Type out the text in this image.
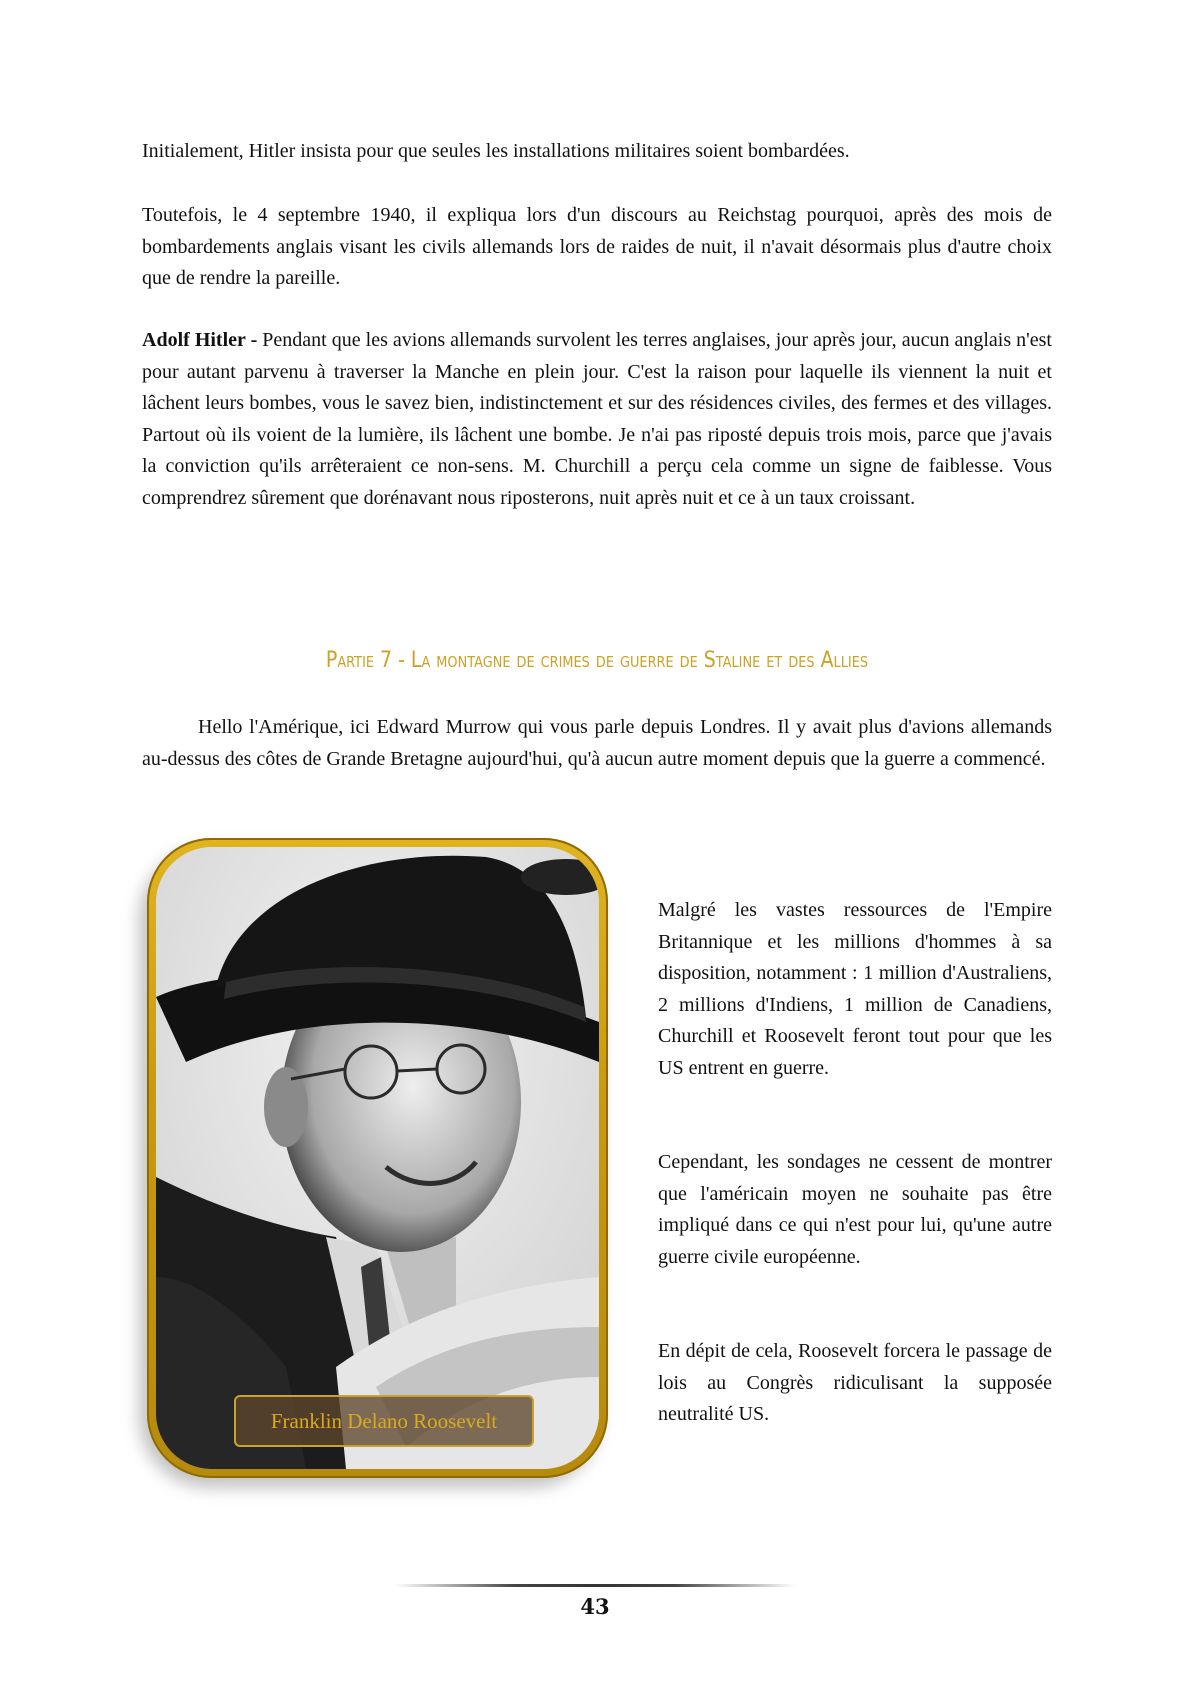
Initialement, Hitler insista pour que seules les installations militaires soient bombardées.

Toutefois, le 4 septembre 1940, il expliqua lors d'un discours au Reichstag pourquoi, après des mois de bombardements anglais visant les civils allemands lors de raides de nuit, il n'avait désormais plus d'autre choix que de rendre la pareille.

Adolf Hitler - Pendant que les avions allemands survolent les terres anglaises, jour après jour, aucun anglais n'est pour autant parvenu à traverser la Manche en plein jour. C'est la raison pour laquelle ils viennent la nuit et lâchent leurs bombes, vous le savez bien, indistinctement et sur des résidences civiles, des fermes et des villages. Partout où ils voient de la lumière, ils lâchent une bombe. Je n'ai pas riposté depuis trois mois, parce que j'avais la conviction qu'ils arrêteraient ce non-sens. M. Churchill a perçu cela comme un signe de faiblesse. Vous comprendrez sûrement que dorénavant nous riposterons, nuit après nuit et ce à un taux croissant.

Partie 7 - La montagne de crimes de guerre de Staline et des Allies

Hello l'Amérique, ici Edward Murrow qui vous parle depuis Londres. Il y avait plus d'avions allemands au-dessus des côtes de Grande Bretagne aujourd'hui, qu'à aucun autre moment depuis que la guerre a commencé.

Franklin Delano Roosevelt

Malgré les vastes ressources de l'Empire Britannique et les millions d'hommes à sa disposition, notamment : 1 million d'Australiens, 2 millions d'Indiens, 1 million de Canadiens, Churchill et Roosevelt feront tout pour que les US entrent en guerre.

Cependant, les sondages ne cessent de montrer que l'américain moyen ne souhaite pas être impliqué dans ce qui n'est pour lui, qu'une autre guerre civile européenne.

En dépit de cela, Roosevelt forcera le passage de lois au Congrès ridiculisant la supposée neutralité US.

43
